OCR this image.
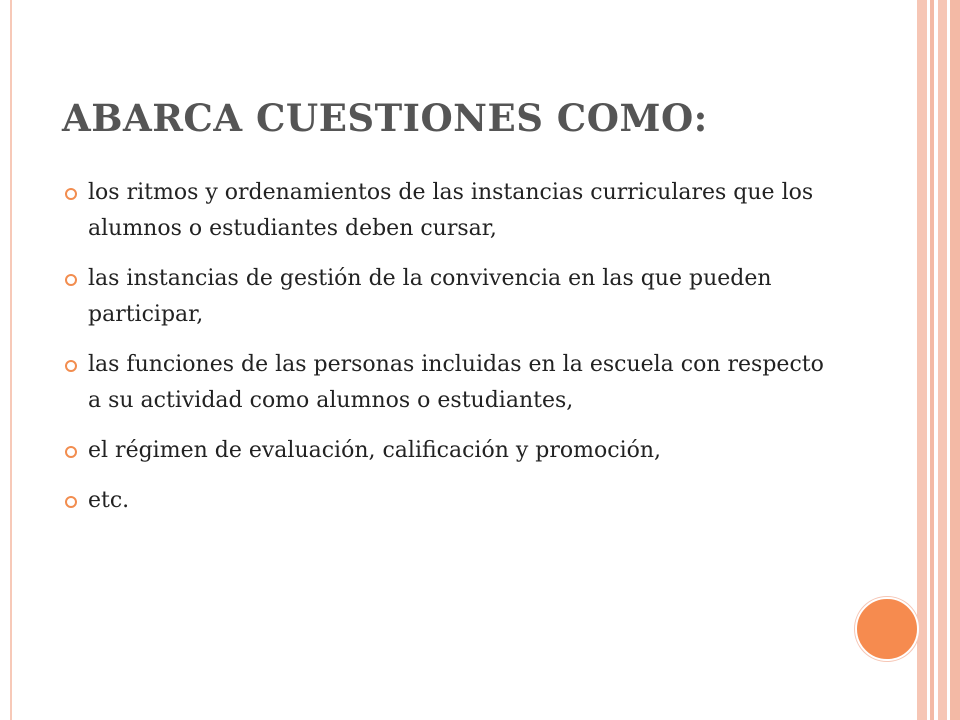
ABARCA CUESTIONES COMO:
los ritmos y ordenamientos de las instancias curriculares que los alumnos o estudiantes deben cursar,
las instancias de gestión de la convivencia en las que pueden participar,
las funciones de las personas incluidas en la escuela con respecto a su actividad como alumnos o estudiantes,
el régimen de evaluación, calificación y promoción,
etc.
